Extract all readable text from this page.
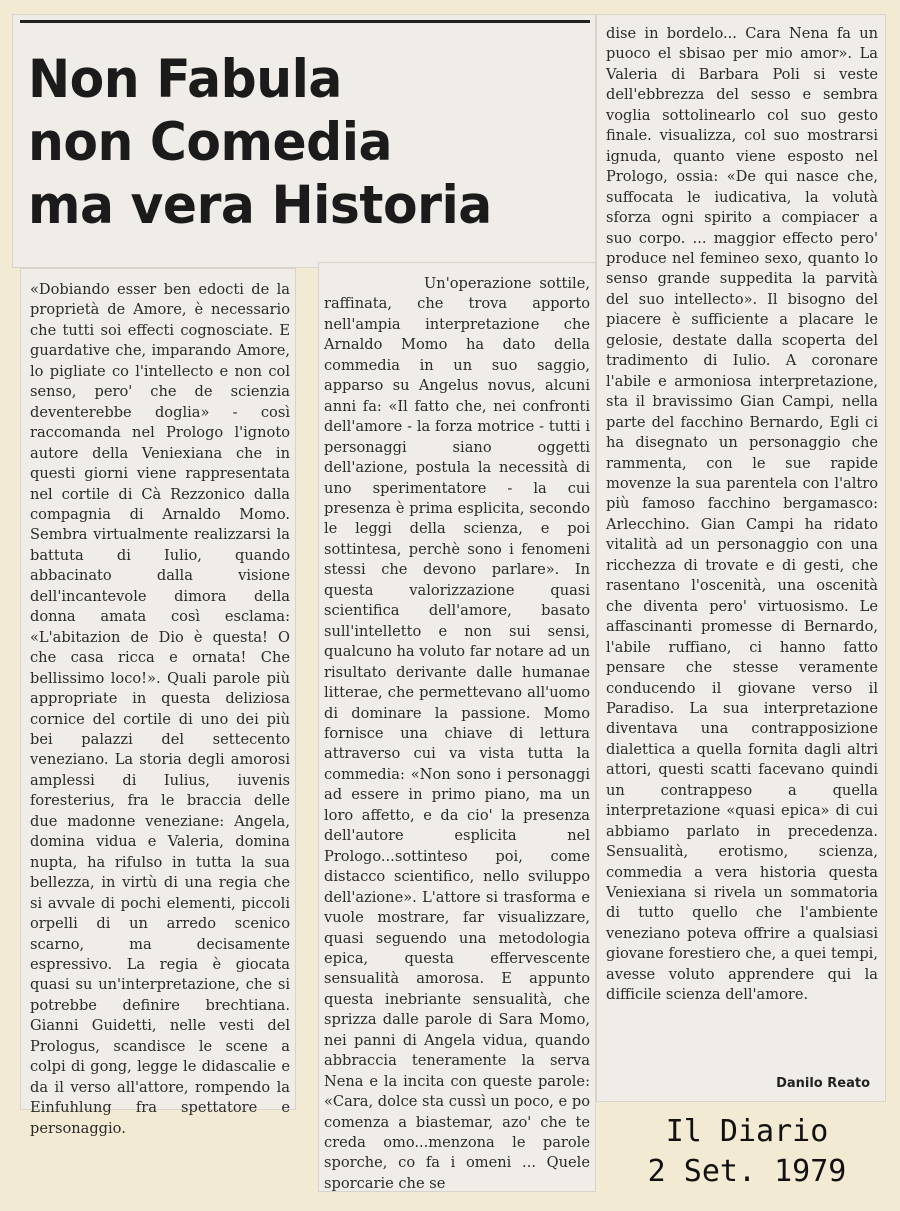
Non Fabula
non Comedia
ma vera Historia

«Dobiando esser ben edocti de la proprietà de Amore, è necessario che tutti soi effecti cognosciate. E guardative che, imparando Amore, lo pigliate co l'intellecto e non col senso, pero' che de scienzia deventerebbe doglia» - così raccomanda nel Prologo l'ignoto autore della Veniexiana che in questi giorni viene rappresentata nel cortile di Cà Rezzonico dalla compagnia di Arnaldo Momo. Sembra virtualmente realizzarsi la battuta di Iulio, quando abbacinato dalla visione dell'incantevole dimora della donna amata così esclama: «L'abitazion de Dio è questa! O che casa ricca e ornata! Che bellissimo loco!». Quali parole più appropriate in questa deliziosa cornice del cortile di uno dei più bei palazzi del settecento veneziano. La storia degli amorosi amplessi di Iulius, iuvenis foresterius, fra le braccia delle due madonne veneziane: Angela, domina vidua e Valeria, domina nupta, ha rifulso in tutta la sua bellezza, in virtù di una regia che si avvale di pochi elementi, piccoli orpelli di un arredo scenico scarno, ma decisamente espressivo. La regia è giocata quasi su un'interpretazione, che si potrebbe definire brechtiana. Gianni Guidetti, nelle vesti del Prologus, scandisce le scene a colpi di gong, legge le didascalie e da il verso all'attore, rompendo la Einfuhlung fra spettatore e personaggio.

Un'operazione sottile, raffinata, che trova apporto nell'ampia interpretazione che Arnaldo Momo ha dato della commedia in un suo saggio, apparso su Angelus novus, alcuni anni fa: «Il fatto che, nei confronti dell'amore - la forza motrice - tutti i personaggi siano oggetti dell'azione, postula la necessità di uno sperimentatore - la cui presenza è prima esplicita, secondo le leggi della scienza, e poi sottintesa, perchè sono i fenomeni stessi che devono parlare». In questa valorizzazione quasi scientifica dell'amore, basato sull'intelletto e non sui sensi, qualcuno ha voluto far notare ad un risultato derivante dalle humanae litterae, che permettevano all'uomo di dominare la passione. Momo fornisce una chiave di lettura attraverso cui va vista tutta la commedia: «Non sono i personaggi ad essere in primo piano, ma un loro affetto, e da cio' la presenza dell'autore esplicita nel Prologo...sottinteso poi, come distacco scientifico, nello sviluppo dell'azione». L'attore si trasforma e vuole mostrare, far visualizzare, quasi seguendo una metodologia epica, questa effervescente sensualità amorosa. E appunto questa inebriante sensualità, che sprizza dalle parole di Sara Momo, nei panni di Angela vidua, quando abbraccia teneramente la serva Nena e la incita con queste parole: «Cara, dolce sta cussì un poco, e po comenza a biastemar, azo' che te creda omo...menzona le parole sporche, co fa i omeni ... Quele sporcarie che se

dise in bordelo... Cara Nena fa un puoco el sbisao per mio amor». La Valeria di Barbara Poli si veste dell'ebbrezza del sesso e sembra voglia sottolinearlo col suo gesto finale. visualizza, col suo mostrarsi ignuda, quanto viene esposto nel Prologo, ossia: «De qui nasce che, suffocata le iudicativa, la volutà sforza ogni spirito a compiacer a suo corpo. ... maggior effecto pero' produce nel femineo sexo, quanto lo senso grande suppedita la parvità del suo intellecto». Il bisogno del piacere è sufficiente a placare le gelosie, destate dalla scoperta del tradimento di Iulio. A coronare l'abile e armoniosa interpretazione, sta il bravissimo Gian Campi, nella parte del facchino Bernardo, Egli ci ha disegnato un personaggio che rammenta, con le sue rapide movenze la sua parentela con l'altro più famoso facchino bergamasco: Arlecchino. Gian Campi ha ridato vitalità ad un personaggio con una ricchezza di trovate e di gesti, che rasentano l'oscenità, una oscenità che diventa pero' virtuosismo. Le affascinanti promesse di Bernardo, l'abile ruffiano, ci hanno fatto pensare che stesse veramente conducendo il giovane verso il Paradiso. La sua interpretazione diventava una contrapposizione dialettica a quella fornita dagli altri attori, questi scatti facevano quindi un contrappeso a quella interpretazione «quasi epica» di cui abbiamo parlato in precedenza. Sensualità, erotismo, scienza, commedia a vera historia questa Veniexiana si rivela un sommatoria di tutto quello che l'ambiente veneziano poteva offrire a qualsiasi giovane forestiero che, a quei tempi, avesse voluto apprendere qui la difficile scienza dell'amore.

Danilo Reato

Il Diario
2 Set. 1979
